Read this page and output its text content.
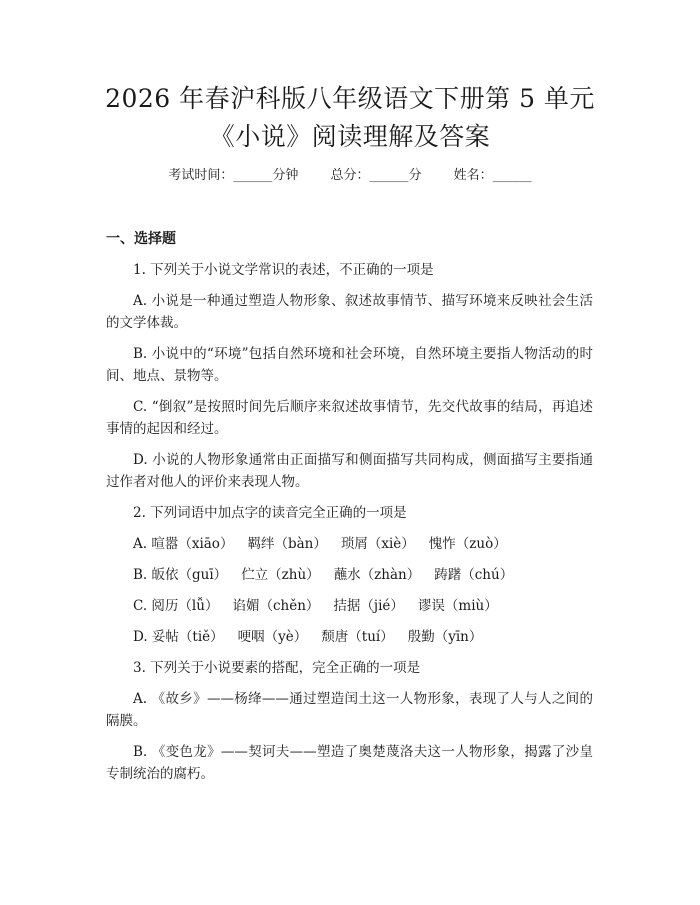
2026 年春沪科版八年级语文下册第 5 单元
《小说》阅读理解及答案
考试时间：______分钟 总分：______分 姓名：______
一、选择题

1. 下列关于小说文学常识的表述，不正确的一项是

A. 小说是一种通过塑造人物形象、叙述故事情节、描写环境来反映社会生活的文学体裁。

B. 小说中的“环境”包括自然环境和社会环境，自然环境主要指人物活动的时间、地点、景物等。

C. “倒叙”是按照时间先后顺序来叙述故事情节，先交代故事的结局，再追述事情的起因和经过。

D. 小说的人物形象通常由正面描写和侧面描写共同构成，侧面描写主要指通过作者对他人的评价来表现人物。

2. 下列词语中加点字的读音完全正确的一项是

A. 喧嚣（xiāo） 羁绊（bàn） 琐屑（xiè） 愧怍（zuò）

B. 皈依（guī） 伫立（zhù） 蘸水（zhàn） 踌躇（chú）

C. 阅历（lǚ） 谄媚（chěn） 拮据（jié） 谬误（miù）

D. 妥帖（tiě） 哽咽（yè） 颓唐（tuí） 殷勤（yīn）

3. 下列关于小说要素的搭配，完全正确的一项是

A. 《故乡》——杨绛——通过塑造闰土这一人物形象，表现了人与人之间的隔膜。

B. 《变色龙》——契诃夫——塑造了奥楚蔑洛夫这一人物形象，揭露了沙皇专制统治的腐朽。
